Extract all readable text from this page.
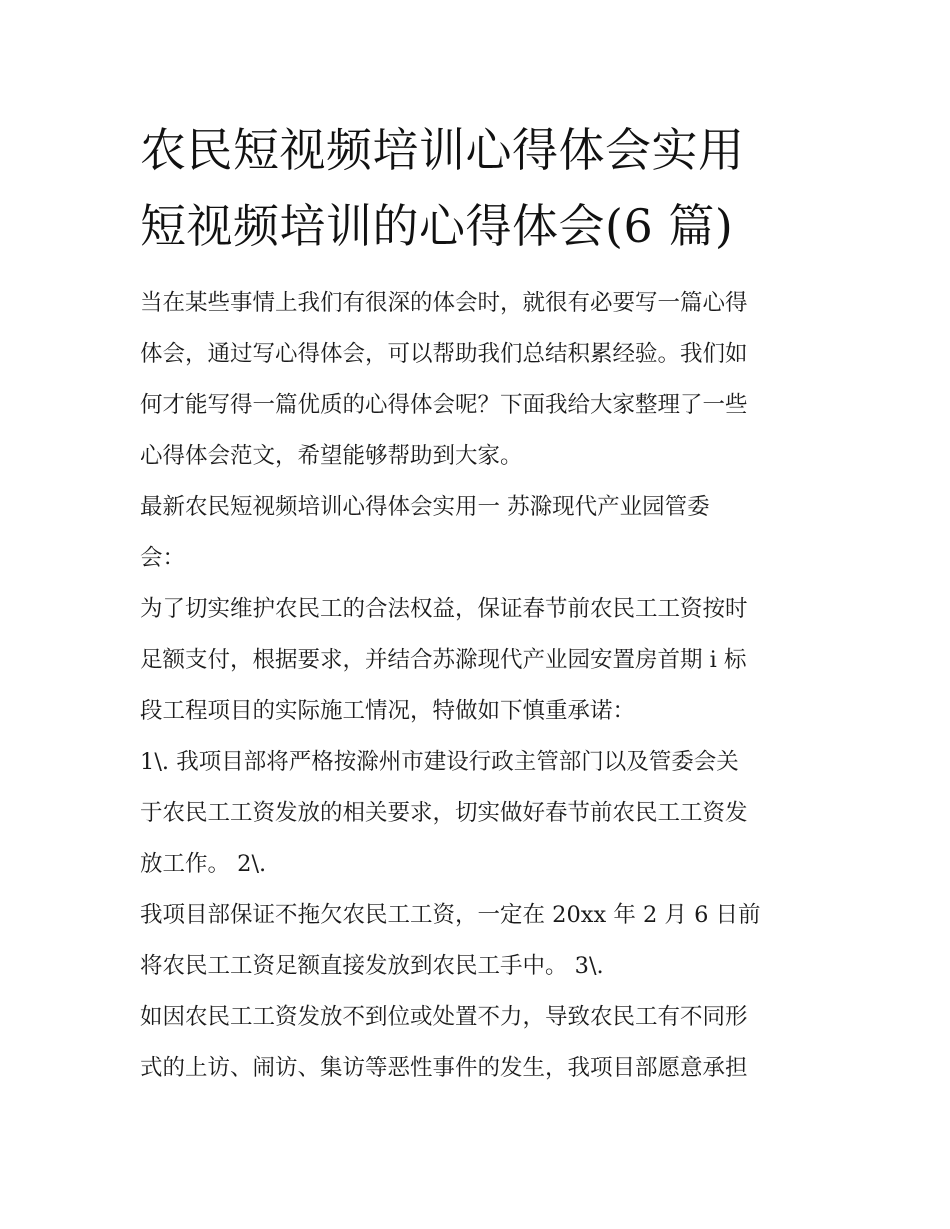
农民短视频培训心得体会实用
短视频培训的心得体会(6 篇)
当在某些事情上我们有很深的体会时，就很有必要写一篇心得
体会，通过写心得体会，可以帮助我们总结积累经验。我们如
何才能写得一篇优质的心得体会呢？下面我给大家整理了一些
心得体会范文，希望能够帮助到大家。
最新农民短视频培训心得体会实用一 苏滁现代产业园管委
会：
为了切实维护农民工的合法权益，保证春节前农民工工资按时
足额支付，根据要求，并结合苏滁现代产业园安置房首期 i 标
段工程项目的实际施工情况，特做如下慎重承诺：
1\. 我项目部将严格按滁州市建设行政主管部门以及管委会关
于农民工工资发放的相关要求，切实做好春节前农民工工资发
放工作。 2\.
我项目部保证不拖欠农民工工资，一定在 20xx 年 2 月 6 日前
将农民工工资足额直接发放到农民工手中。 3\.
如因农民工工资发放不到位或处置不力，导致农民工有不同形
式的上访、闹访、集访等恶性事件的发生，我项目部愿意承担
